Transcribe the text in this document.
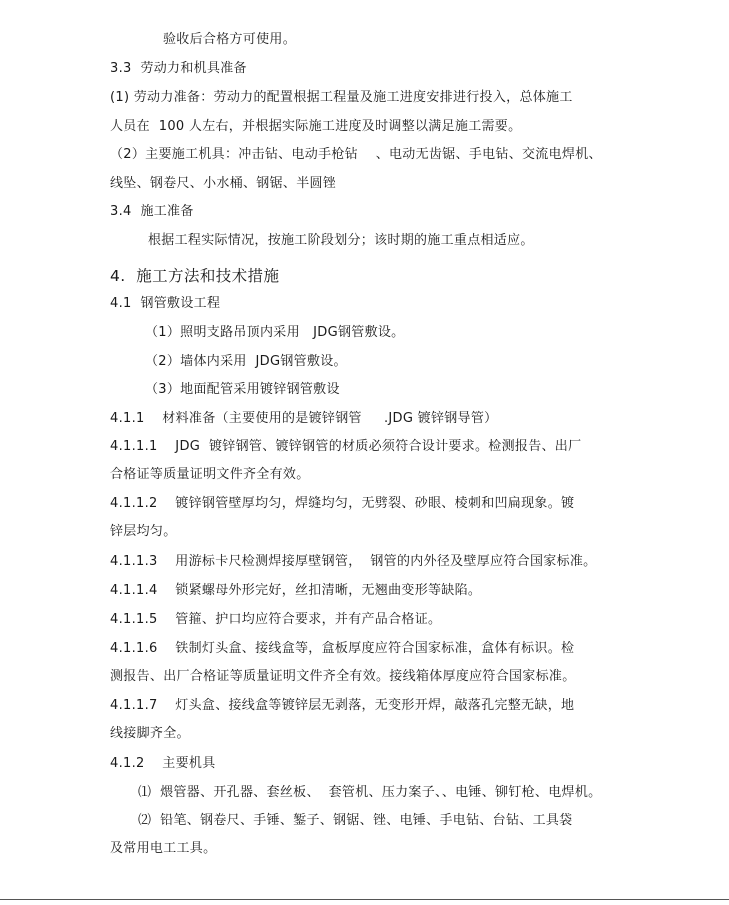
验收后合格方可使用。
3.3  劳动力和机具准备
(1) 劳动力准备：劳动力的配置根据工程量及施工进度安排进行投入，总体施工
人员在  100 人左右，并根据实际施工进度及时调整以满足施工需要。
（2）主要施工机具：冲击钻、电动手枪钻    、电动无齿锯、手电钻、交流电焊机、
线坠、钢卷尺、小水桶、钢锯、半圆锉
3.4  施工准备
根据工程实际情况，按施工阶段划分；该时期的施工重点相适应。
4.  施工方法和技术措施
4.1  钢管敷设工程
（1）照明支路吊顶内采用   JDG钢管敷设。
（2）墙体内采用  JDG钢管敷设。
（3）地面配管采用镀锌钢管敷设
4.1.1    材料准备（主要使用的是镀锌钢管     .JDG 镀锌钢导管）
4.1.1.1    JDG  镀锌钢管、镀锌钢管的材质必须符合设计要求。检测报告、出厂
合格证等质量证明文件齐全有效。
4.1.1.2    镀锌钢管壁厚均匀，焊缝均匀，无劈裂、砂眼、棱刺和凹扁现象。镀
锌层均匀。
4.1.1.3    用游标卡尺检测焊接厚壁钢管，  钢管的内外径及壁厚应符合国家标准。
4.1.1.4    锁紧螺母外形完好，丝扣清晰，无翘曲变形等缺陷。
4.1.1.5    管箍、护口均应符合要求，并有产品合格证。
4.1.1.6    铁制灯头盒、接线盒等，盒板厚度应符合国家标准，盒体有标识。检
测报告、出厂合格证等质量证明文件齐全有效。接线箱体厚度应符合国家标准。
4.1.1.7    灯头盒、接线盒等镀锌层无剥落，无变形开焊，敲落孔完整无缺，地
线接脚齐全。
4.1.2    主要机具
⑴  煨管器、开孔器、套丝板、  套管机、压力案子、、电锤、铆钉枪、电焊机。
⑵  铅笔、钢卷尺、手锤、錾子、钢锯、锉、电锤、手电钻、台钻、工具袋
及常用电工工具。
